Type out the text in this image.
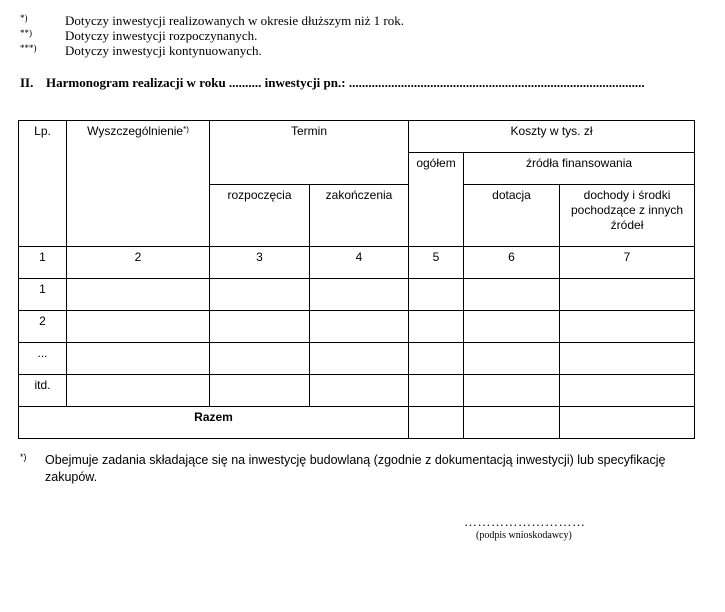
*)	Dotyczy inwestycji realizowanych w okresie dłuższym niż 1 rok.
**)	Dotyczy inwestycji rozpoczynanych.
***) Dotyczy inwestycji kontynuowanych.
II. Harmonogram realizacji w roku .......... inwestycji pn.: ...........................................................................................
Lp.	Wyszczególnienie*)	Termin		Koszty w tys. zł		
				ogółem	źródła finansowania	
		rozpoczęcia	zakończenia		dotacja	dochody i środki pochodzące z innych źródeł
1	2	3	4	5	6	7
1						
2						
...						
itd.						
Razem						
*) Obejmuje zadania składające się na inwestycję budowlaną (zgodnie z dokumentacją inwestycji) lub specyfikację zakupów.
………………………
(podpis wnioskodawcy)
